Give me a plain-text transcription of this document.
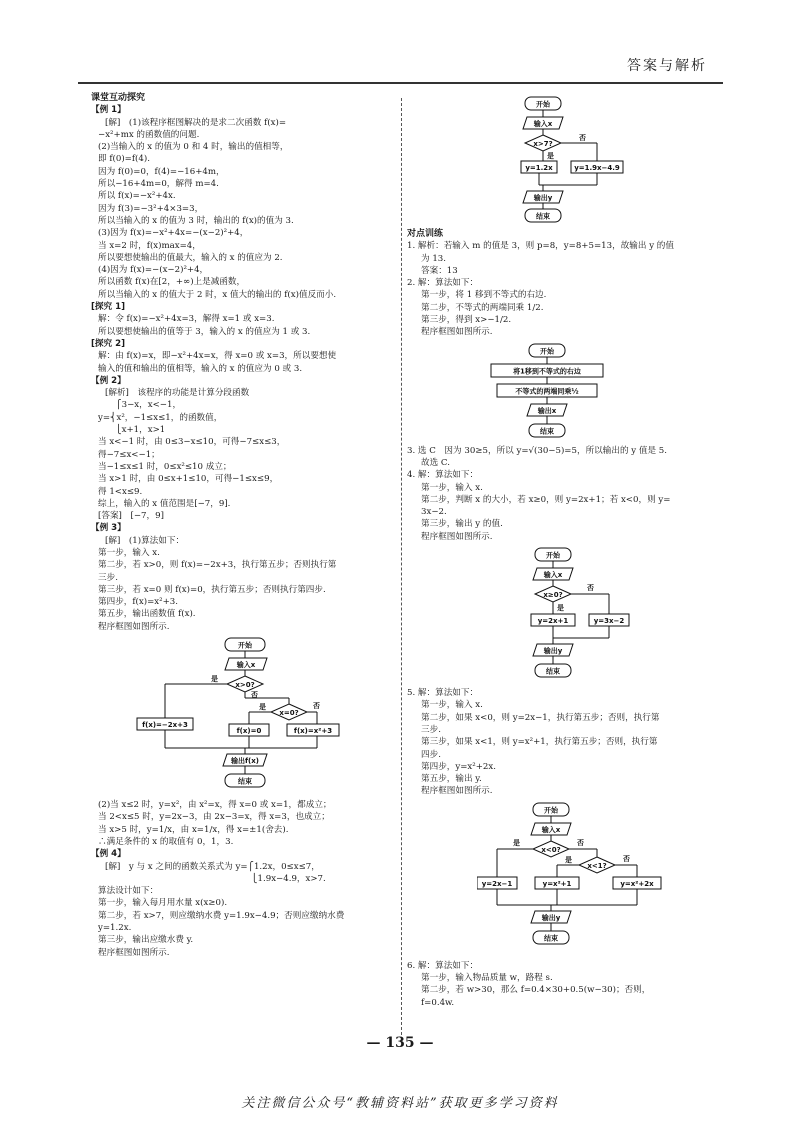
答案与解析

课堂互动探究

【例 1】

[解]　(1)该程序框图解决的是求二次函数 f(x)=

−x²+mx 的函数值的问题.

(2)当输入的 x 的值为 0 和 4 时，输出的值相等，

即 f(0)=f(4).

因为 f(0)=0，f(4)=−16+4m，

所以−16+4m=0，解得 m=4.

所以 f(x)=−x²+4x.

因为 f(3)=−3²+4×3=3，

所以当输入的 x 的值为 3 时，输出的 f(x)的值为 3.

(3)因为 f(x)=−x²+4x=−(x−2)²+4，

当 x=2 时，f(x)max=4，

所以要想使输出的值最大，输入的 x 的值应为 2.

(4)因为 f(x)=−(x−2)²+4，

所以函数 f(x)在[2，+∞)上是减函数，

所以当输入的 x 的值大于 2 时，x 值大的输出的 f(x)值反而小.

[探究 1]

解：令 f(x)=−x²+4x=3，解得 x=1 或 x=3.

所以要想使输出的值等于 3，输入的 x 的值应为 1 或 3.

[探究 2]

解：由 f(x)=x，即−x²+4x=x，得 x=0 或 x=3，所以要想使

输入的值和输出的值相等，输入的 x 的值应为 0 或 3.

【例 2】

[解析]　该程序的功能是计算分段函数

　　⎧3−x，x<−1，

y=⎨x²，−1≤x≤1，的函数值，

　　⎩x+1，x>1

当 x<−1 时，由 0≤3−x≤10，可得−7≤x≤3，

得−7≤x<−1；

当−1≤x≤1 时，0≤x²≤10 成立；

当 x>1 时，由 0≤x+1≤10，可得−1≤x≤9，

得 1<x≤9.

综上，输入的 x 值范围是[−7，9].

[答案]　[−7，9]

【例 3】

[解]　(1)算法如下：

第一步，输入 x.

第二步，若 x>0，则 f(x)=−2x+3，执行第五步；否则执行第

三步.

第三步，若 x=0 则 f(x)=0，执行第五步；否则执行第四步.

第四步，f(x)=x²+3.

第五步，输出函数值 f(x).

程序框图如图所示.

开始
输入x
x>0?
是
否
x=0?
是	否
f(x)=−2x+3
f(x)=0	f(x)=x²+3
输出f(x)
结束

(2)当 x≤2 时，y=x²，由 x²=x，得 x=0 或 x=1，都成立；

当 2<x≤5 时，y=2x−3，由 2x−3=x，得 x=3，也成立；

当 x>5 时，y=1/x，由 x=1/x，得 x=±1(舍去).

∴满足条件的 x 的取值有 0，1，3.

【例 4】

[解]　y 与 x 之间的函数关系式为 y=⎧1.2x，0≤x≤7，

　　　　　　　　　　　　　　　　　⎩1.9x−4.9，x>7.

算法设计如下：

第一步，输入每月用水量 x(x≥0).

第二步，若 x>7，则应缴纳水费 y=1.9x−4.9；否则应缴纳水费

y=1.2x.

第三步，输出应缴水费 y.

程序框图如图所示.

开始
输入x
x>7?
是
否
y=1.2x	y=1.9x−4.9
输出y
结束

对点训练

1. 解析：若输入 m 的值是 3，则 p=8，y=8+5=13，故输出 y 的值

为 13.

答案：13

2. 解：算法如下：

第一步，将 1 移到不等式的右边.

第二步，不等式的两端同乘 1/2.

第三步，得到 x>−1/2.

程序框图如图所示.

开始
将1移到不等式的右边
不等式的两端同乘½
输出x
结束

3. 选 C　因为 30≥5，所以 y=√(30−5)=5，所以输出的 y 值是 5.

故选 C.

4. 解：算法如下：

第一步，输入 x.

第二步，判断 x 的大小，若 x≥0，则 y=2x+1；若 x<0，则 y=

3x−2.

第三步，输出 y 的值.

程序框图如图所示.

开始
输入x
x≥0?
是
否
y=2x+1	y=3x−2
输出y
结束

5. 解：算法如下：

第一步，输入 x.

第二步，如果 x<0，则 y=2x−1，执行第五步；否则，执行第

三步.

第三步，如果 x<1，则 y=x²+1，执行第五步；否则，执行第

四步.

第四步，y=x²+2x.

第五步，输出 y.

程序框图如图所示.

开始
输入x
x<0?
是	否
x<1?
是	否
y=2x−1	y=x²+1	y=x²+2x
输出y
结束

6. 解：算法如下：

第一步，输入物品质量 w，路程 s.

第二步，若 w>30，那么 f=0.4×30+0.5(w−30)；否则，

f=0.4w.

— 135 —
关注微信公众号“教辅资料站”获取更多学习资料
